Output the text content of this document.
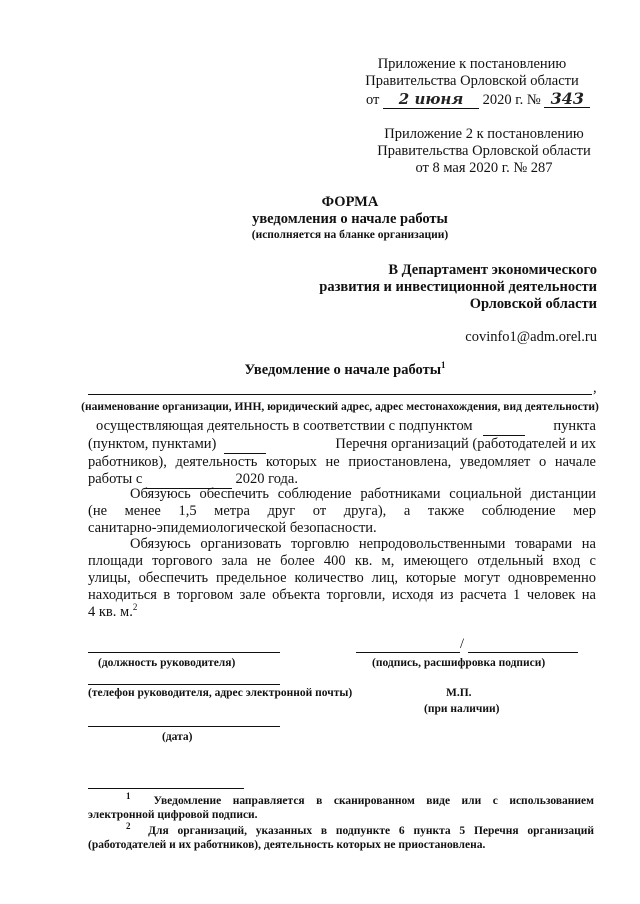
Приложение к постановлению
Правительства Орловской области
от 2 июня 2020 г. № 343
Приложение 2 к постановлению
Правительства Орловской области
от 8 мая 2020 г. № 287
ФОРМА
уведомления о начале работы
(исполняется на бланке организации)
В Департамент экономического
развития и инвестиционной деятельности
Орловской области
covinfo1@adm.orel.ru
Уведомление о начале работы$^1$
,
(наименование организации, ИНН, юридический адрес, адрес местонахождения, вид деятельности)
осуществляющая деятельность в соответствии с подпунктом
	пункта
(пунктом, пунктами)
	Перечня организаций (работодателей и их
работников), деятельность которых не приостановлена, уведомляет о начале
работы с	2020 года.
Обязуюсь обеспечить соблюдение работниками социальной дистанции
(не менее 1,5 метра друг от друга), а также соблюдение мер
санитарно-эпидемиологической безопасности.
Обязуюсь организовать торговлю непродовольственными товарами на
площади торгового зала не более 400 кв. м, имеющего отдельный вход с
улицы, обеспечить предельное количество лиц, которые могут одновременно
находиться в торговом зале объекта торговли, исходя из расчета 1 человек на
4 кв. м.$^2$
(должность руководителя)
/
(подпись, расшифровка подписи)
(телефон руководителя, адрес электронной почты)	М.П.
(при наличии)
(дата)
$^1$ Уведомление направляется в сканированном виде или с использованием
электронной цифровой подписи.
$^2$ Для организаций, указанных в подпункте 6 пункта 5 Перечня организаций
(работодателей и их работников), деятельность которых не приостановлена.
